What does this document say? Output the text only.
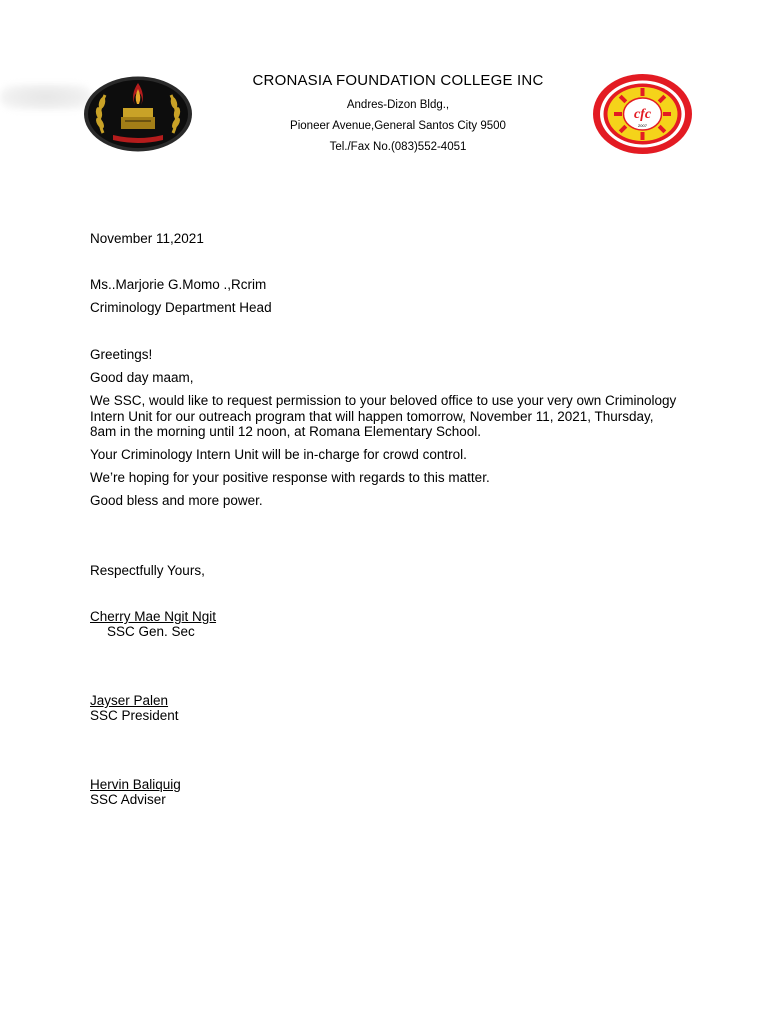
CRONASIA FOUNDATION COLLEGE INC

Andres-Dizon Bldg.,

Pioneer Avenue,General Santos City 9500

Tel./Fax No.(083)552-4051

cfc
2007
November 11,2021
Ms..Marjorie G.Momo .,Rcrim
Criminology Department Head
Greetings!
Good day maam,
We SSC, would like to request permission to your beloved office to use your very own Criminology Intern Unit for our outreach program that will happen tomorrow, November 11, 2021, Thursday, 8am in the morning until 12 noon, at Romana Elementary School.
Your Criminology Intern Unit will be in-charge for crowd control.
We’re hoping for your positive response with regards to this matter.
Good bless and more power.
Respectfully Yours,
Cherry Mae Ngit Ngit
SSC Gen. Sec
Jayser Palen
SSC President
Hervin Baliquig
SSC Adviser
